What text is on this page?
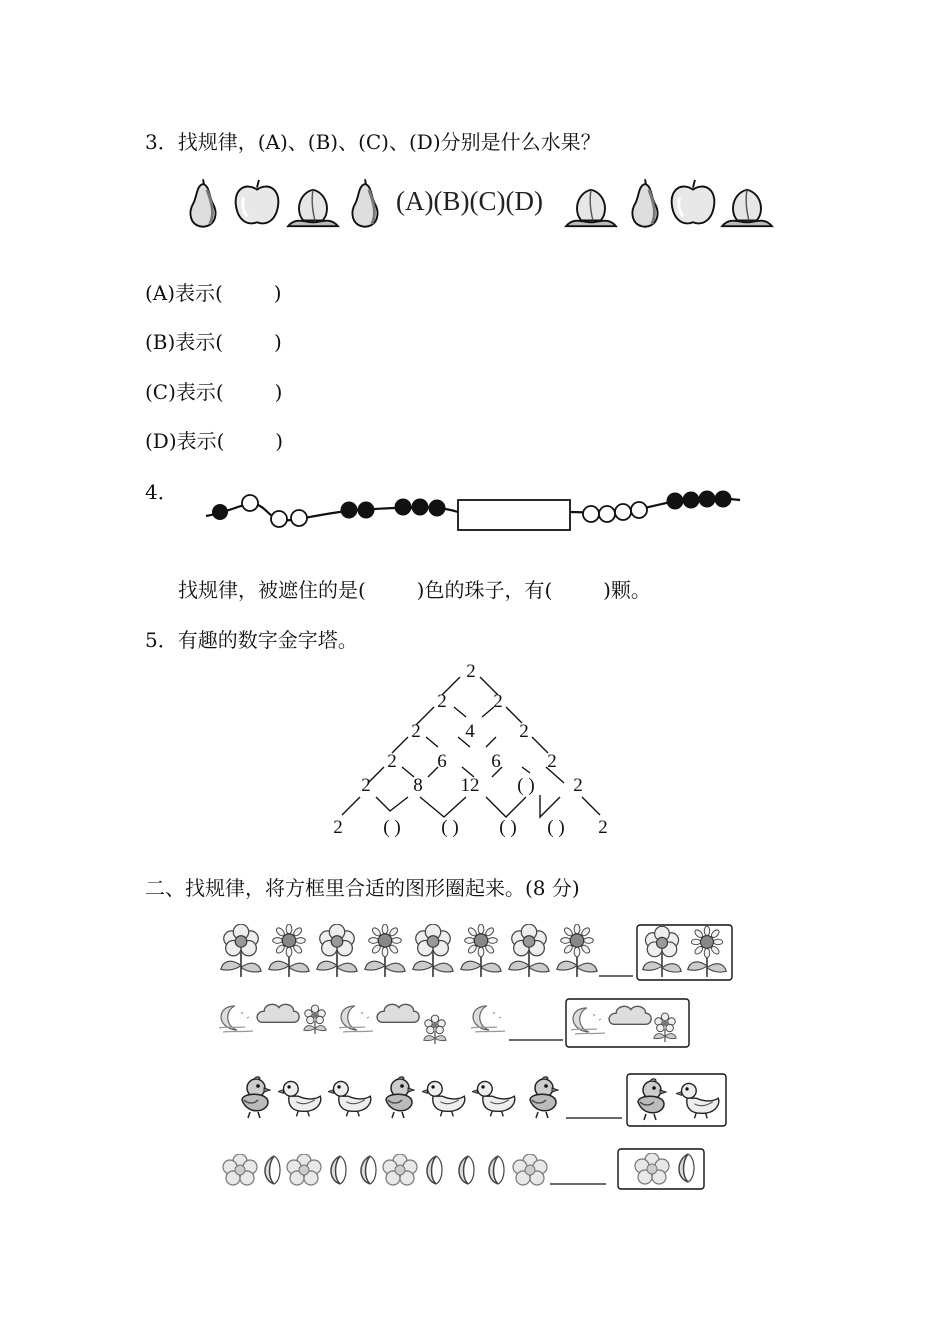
3．找规律，(A)、(B)、(C)、(D)分别是什么水果？
(A)(B)(C)(D)
(A)表示(        )
(B)表示(        )
(C)表示(        )
(D)表示(        )
4．
找规律，被遮住的是(        )色的珠子，有(        )颗。
5．有趣的数字金字塔。
2
2 2
2 4 2
2 6 6 2
2 8 12 ( ) 2
2 ( ) ( ) ( ) ( ) 2
二、找规律，将方框里合适的图形圈起来。(8 分)
